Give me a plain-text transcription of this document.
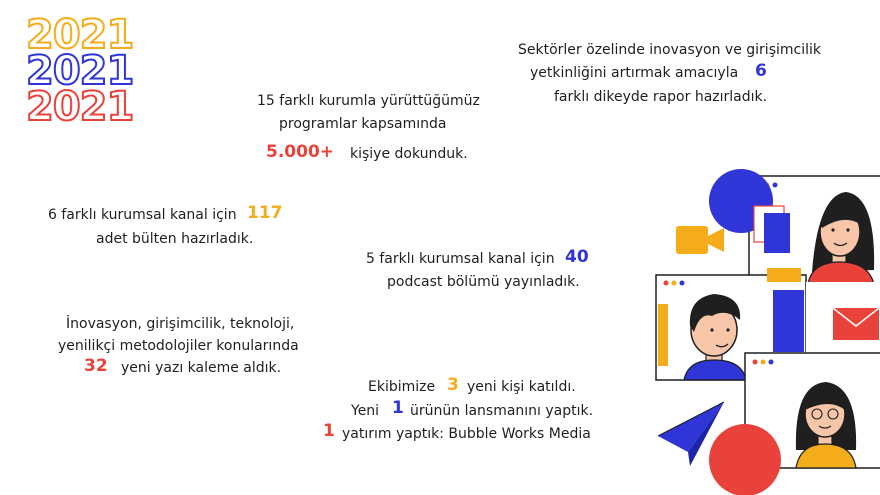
2021
2021
2021	15 farklı kurumla yürüttüğümüz
programlar kapsamında
5.000+ kişiye dokunduk.
Sektörler özelinde inovasyon ve girişimcilik
yetkinliğini artırmak amacıyla 6
farklı dikeyde rapor hazırladık.
6 farklı kurumsal kanal için 117
adet bülten hazırladık.
5 farklı kurumsal kanal için 40
podcast bölümü yayınladık.
İnovasyon, girişimcilik, teknoloji,
yenilikçi metodolojiler konularında
32 yeni yazı kaleme aldık.
Ekibimize 3 yeni kişi katıldı.
Yeni 1 ürünün lansmanını yaptık.
1 yatırım yaptık: Bubble Works Media
